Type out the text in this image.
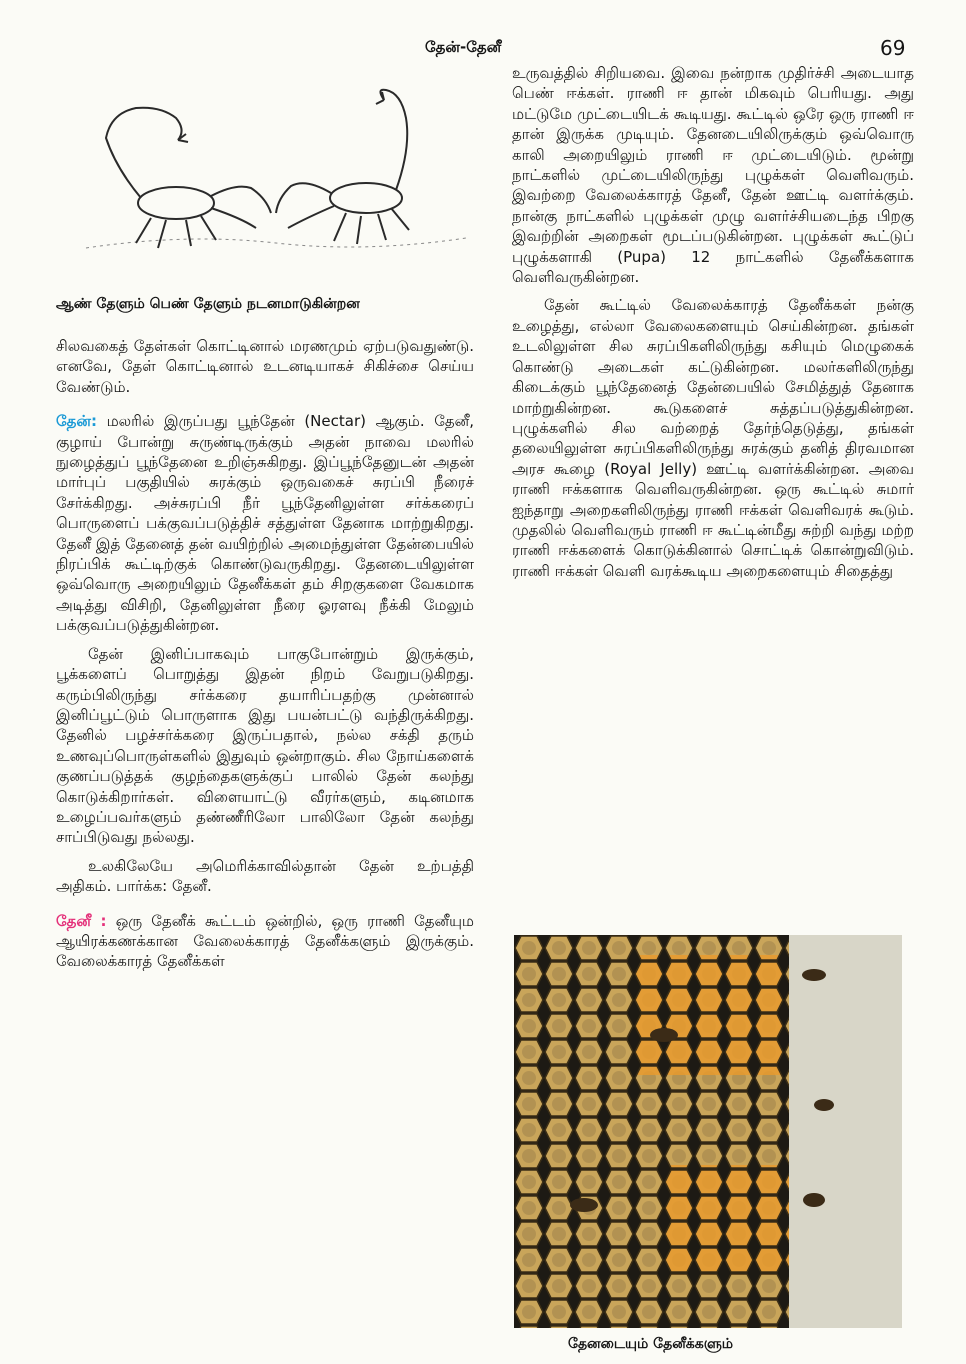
தேன்-தேனீ	69
ஆண் தேளும் பெண் தேளும் நடனமாடுகின்றன

சிலவகைத் தேள்கள் கொட்டினால் மரணமும் ஏற்படுவதுண்டு. எனவே, தேள் கொட்டினால் உடனடியாகச் சிகிச்சை செய்ய வேண்டும்.

தேன்: மலரில் இருப்பது பூந்தேன் (Nectar) ஆகும். தேனீ, குழாய் போன்று சுருண்டிருக்கும் அதன் நாவை மலரில் நுழைத்துப் பூந்தேனை உறிஞ்சுகிறது. இப்பூந்தேனுடன் அதன் மார்புப் பகுதியில் சுரக்கும் ஒருவகைச் சுரப்பி நீரைச் சேர்க்கிறது. அச்சுரப்பி நீர் பூந்தேனிலுள்ள சர்க்கரைப் பொருளைப் பக்குவப்படுத்திச் சத்துள்ள தேனாக மாற்றுகிறது. தேனீ இத் தேனைத் தன் வயிற்றில் அமைந்துள்ள தேன்பையில் நிரப்பிக் கூட்டிற்குக் கொண்டுவருகிறது. தேனடையிலுள்ள ஒவ்வொரு அறையிலும் தேனீக்கள் தம் சிறகுகளை வேகமாக அடித்து விசிறி, தேனிலுள்ள நீரை ஓரளவு நீக்கி மேலும் பக்குவப்படுத்துகின்றன.

தேன் இனிப்பாகவும் பாகுபோன்றும் இருக்கும், பூக்களைப் பொறுத்து இதன் நிறம் வேறுபடுகிறது. கரும்பிலிருந்து சர்க்கரை தயாரிப்பதற்கு முன்னால் இனிப்பூட்டும் பொருளாக இது பயன்பட்டு வந்திருக்கிறது. தேனில் பழச்சர்க்கரை இருப்பதால், நல்ல சக்தி தரும் உணவுப்பொருள்களில் இதுவும் ஒன்றாகும். சில நோய்களைக் குணப்படுத்தக் குழந்தைகளுக்குப் பாலில் தேன் கலந்து கொடுக்கிறார்கள். விளையாட்டு வீரர்களும், கடினமாக உழைப்பவர்களும் தண்ணீரிலோ பாலிலோ தேன் கலந்து சாப்பிடுவது நல்லது.

உலகிலேயே அமெரிக்காவில்தான் தேன் உற்பத்தி அதிகம். பார்க்க: தேனீ.

தேனீ : ஒரு தேனீக் கூட்டம் ஒன்றில், ஒரு ராணி தேனீயும ஆயிரக்கணக்கான வேலைக்காரத் தேனீக்களும் இருக்கும். வேலைக்காரத் தேனீக்கள்

உருவத்தில் சிறியவை. இவை நன்றாக முதிர்ச்சி அடையாத பெண் ஈக்கள். ராணி ஈ தான் மிகவும் பெரியது. அது மட்டுமே முட்டையிடக் கூடியது. கூட்டில் ஒரே ஒரு ராணி ஈ தான் இருக்க முடியும். தேனடையிலிருக்கும் ஒவ்வொரு காலி அறையிலும் ராணி ஈ முட்டையிடும். மூன்று நாட்களில் முட்டையிலிருந்து புழுக்கள் வெளிவரும். இவற்றை வேலைக்காரத் தேனீ, தேன் ஊட்டி வளர்க்கும். நான்கு நாட்களில் புழுக்கள் முழு வளர்ச்சியடைந்த பிறகு இவற்றின் அறைகள் மூடப்படுகின்றன. புழுக்கள் கூட்டுப் புழுக்களாகி (Pupa) 12 நாட்களில் தேனீக்களாக வெளிவருகின்றன.

தேன் கூட்டில் வேலைக்காரத் தேனீக்கள் நன்கு உழைத்து, எல்லா வேலைகளையும் செய்கின்றன. தங்கள் உடலிலுள்ள சில சுரப்பிகளிலிருந்து கசியும் மெழுகைக் கொண்டு அடைகள் கட்டுகின்றன. மலர்களிலிருந்து கிடைக்கும் பூந்தேனைத் தேன்பையில் சேமித்துத் தேனாக மாற்றுகின்றன. கூடுகளைச் சுத்தப்படுத்துகின்றன. புழுக்களில் சில வற்றைத் தேர்ந்தெடுத்து, தங்கள் தலையிலுள்ள சுரப்பிகளிலிருந்து சுரக்கும் தனித் திரவமான அரச கூழை (Royal Jelly) ஊட்டி வளர்க்கின்றன. அவை ராணி ஈக்களாக வெளிவருகின்றன. ஒரு கூட்டில் சுமார் ஐந்தாறு அறைகளிலிருந்து ராணி ஈக்கள் வெளிவரக் கூடும். முதலில் வெளிவரும் ராணி ஈ கூட்டின்மீது சுற்றி வந்து மற்ற ராணி ஈக்களைக் கொடுக்கினால் சொட்டிக் கொன்றுவிடும். ராணி ஈக்கள் வெளி வரக்கூடிய அறைகளையும் சிதைத்து

தேனடையும் தேனீக்களும்
